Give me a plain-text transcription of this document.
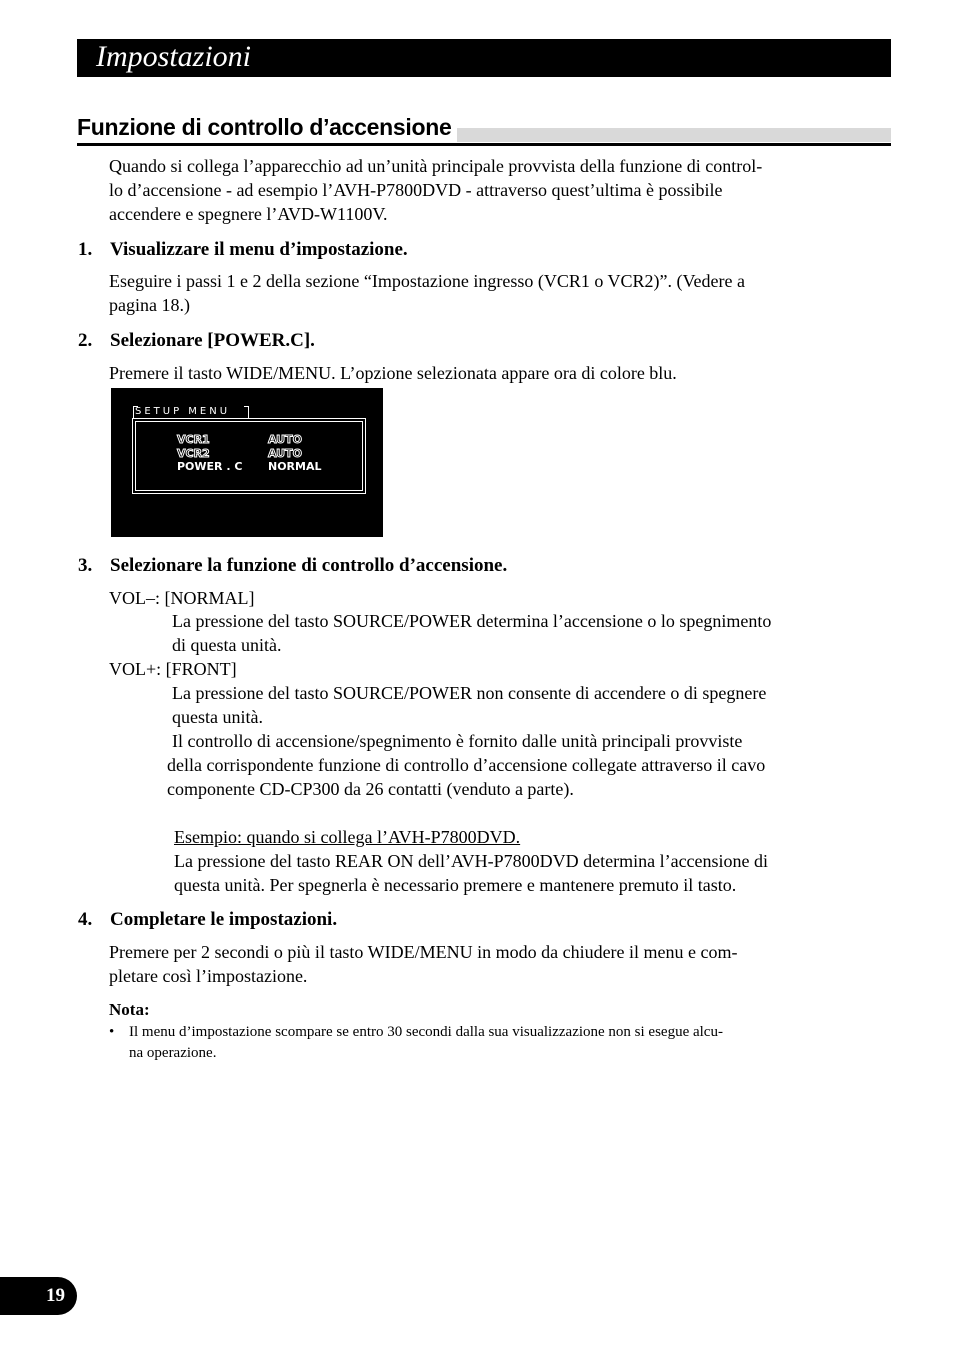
Impostazioni
Funzione di controllo d’accensione

Quando si collega l’apparecchio ad un’unità principale provvista della funzione di control-

lo d’accensione - ad esempio l’AVH-P7800DVD - attraverso quest’ultima è possibile

accendere e spegnere l’AVD-W1100V.

1. Visualizzare il menu d’impostazione.

Eseguire i passi 1 e 2 della sezione “Impostazione ingresso (VCR1 o VCR2)”. (Vedere a

pagina 18.)

2. Selezionare [POWER.C].

Premere il tasto WIDE/MENU. L’opzione selezionata appare ora di colore blu.

SETUP MENU
VCR1	AUTO
VCR2	AUTO
POWER . C NORMAL

3. Selezionare la funzione di controllo d’accensione.

VOL–: [NORMAL]

La pressione del tasto SOURCE/POWER determina l’accensione o lo spegnimento

di questa unità.

VOL+: [FRONT]

La pressione del tasto SOURCE/POWER non consente di accendere o di spegnere

questa unità.

Il controllo di accensione/spegnimento è fornito dalle unità principali provviste

della corrispondente funzione di controllo d’accensione collegate attraverso il cavo

componente CD-CP300 da 26 contatti (venduto a parte).

Esempio: quando si collega l’AVH-P7800DVD.

La pressione del tasto REAR ON dell’AVH-P7800DVD determina l’accensione di

questa unità. Per spegnerla è necessario premere e mantenere premuto il tasto.

4. Completare le impostazioni.

Premere per 2 secondi o più il tasto WIDE/MENU in modo da chiudere il menu e com-

pletare così l’impostazione.

Nota:

• Il menu d’impostazione scompare se entro 30 secondi dalla sua visualizzazione non si esegue alcu-
na operazione.
19
